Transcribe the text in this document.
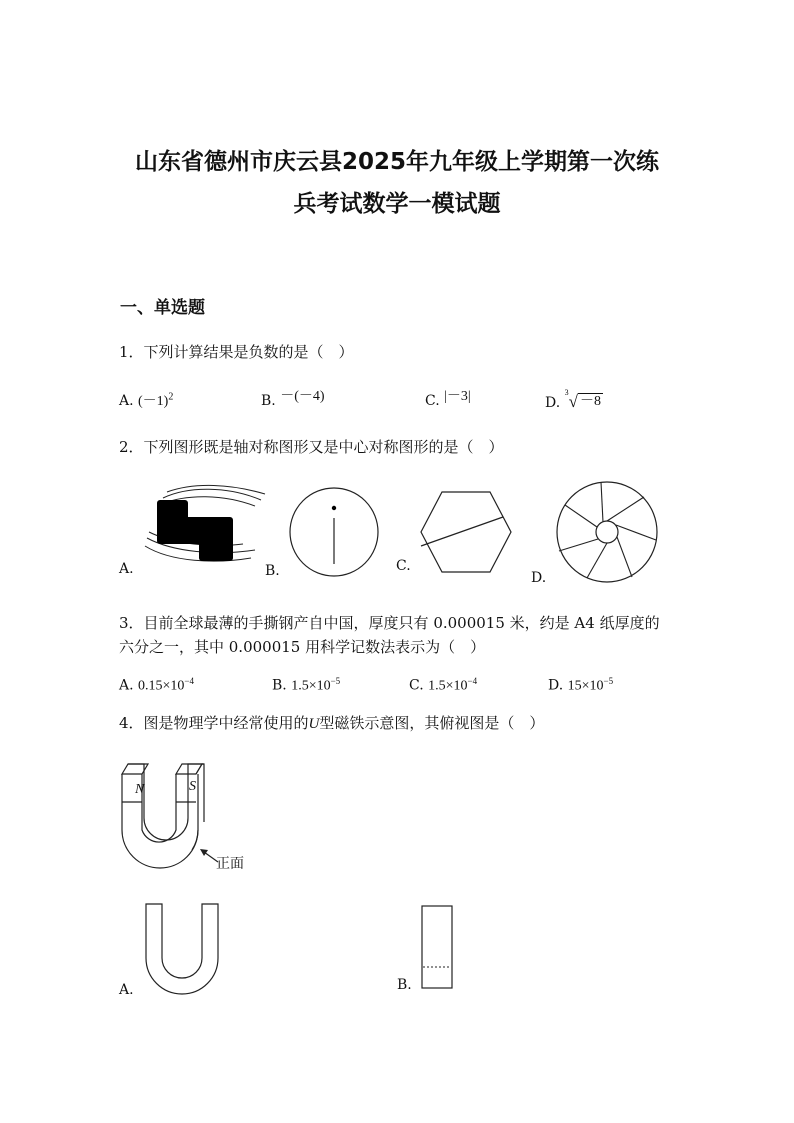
山东省德州市庆云县2025年九年级上学期第一次练
兵考试数学一模试题
一、单选题
1．下列计算结果是负数的是（　）
A. $(-1)^2$	B. －(－4)	C. |－3|	D. $^3$√ －8
2．下列图形既是轴对称图形又是中心对称图形的是（　）
A.	B.	C.
D.
3．目前全球最薄的手撕钢产自中国，厚度只有 0.000015 米，约是 A4 纸厚度的
六分之一，其中 0.000015 用科学记数法表示为（　）
A. $0.15\times 10^{-4}$	B. $1.5\times 10^{-5}$	C. $1.5\times 10^{-4}$	D. $15\times 10^{-5}$
4．图是物理学中经常使用的U型磁铁示意图，其俯视图是（　）
N	S
正面
A.	B.
